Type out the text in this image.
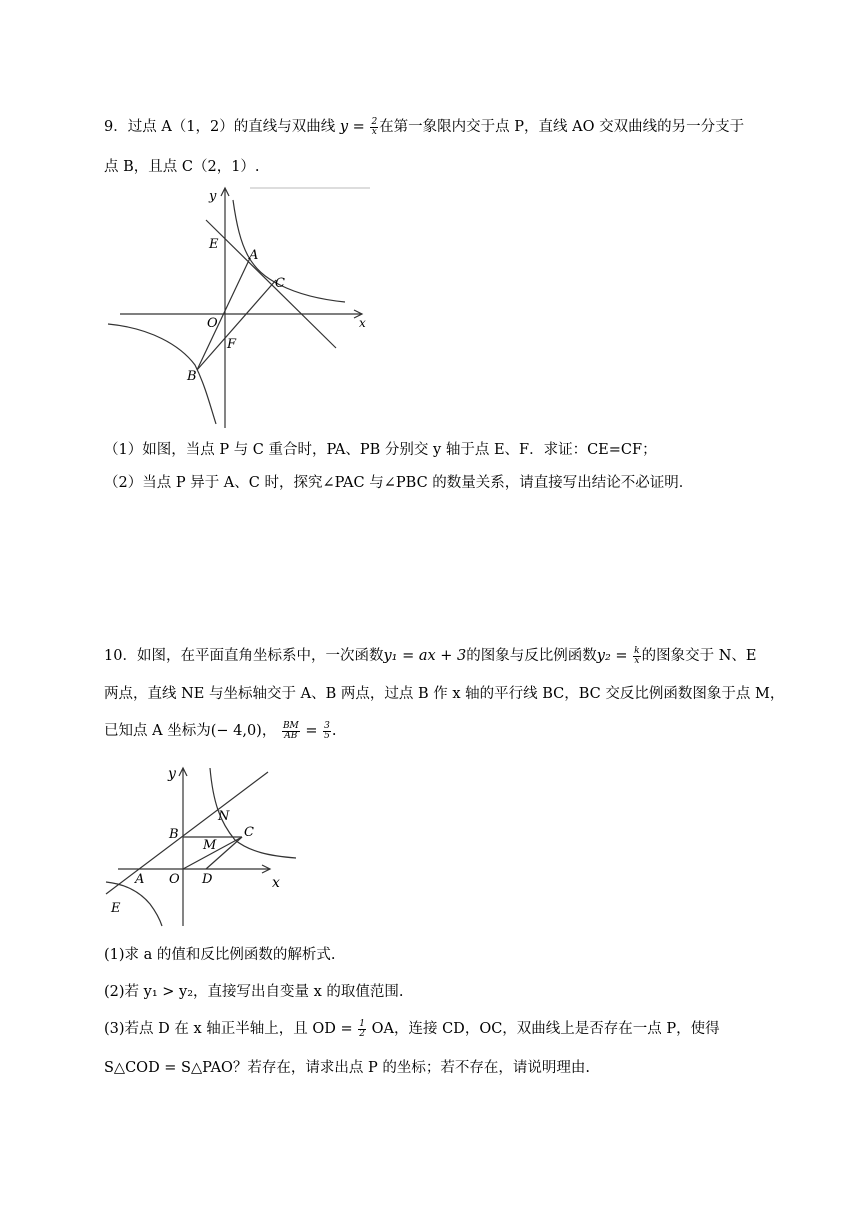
9．过点 A（1，2）的直线与双曲线 $y = \frac{2}{x}$ 在第一象限内交于点 P，直线 AO 交双曲线的另一分支于
点 B，且点 C（2，1）.
y
x
E
A
C
O
F
B
（1）如图，当点 P 与 C 重合时，PA、PB 分别交 y 轴于点 E、F．求证：CE=CF；
（2）当点 P 异于 A、C 时，探究∠PAC 与∠PBC 的数量关系，请直接写出结论不必证明．
10．如图，在平面直角坐标系中，一次函数y₁ = ax + 3的图象与反比例函数$y_2 = \frac{k}{x}$ 的图象交于 N、E
两点，直线 NE 与坐标轴交于 A、B 两点，过点 B 作 x 轴的平行线 BC，BC 交反比例函数图象于点 M，
已知点 A 坐标为(− 4,0)， $\frac{BM}{AB} = \frac{3}{5}$ .
y
x
N
B	C
M
A O D
E
(1)求 a 的值和反比例函数的解析式.
(2)若 y₁ > y₂，直接写出自变量 x 的取值范围.
(3)若点 D 在 x 轴正半轴上，且 OD = $\frac{1}{2}$ OA，连接 CD，OC，双曲线上是否存在一点 P，使得
S△COD = S△PAO？若存在，请求出点 P 的坐标；若不存在，请说明理由.
